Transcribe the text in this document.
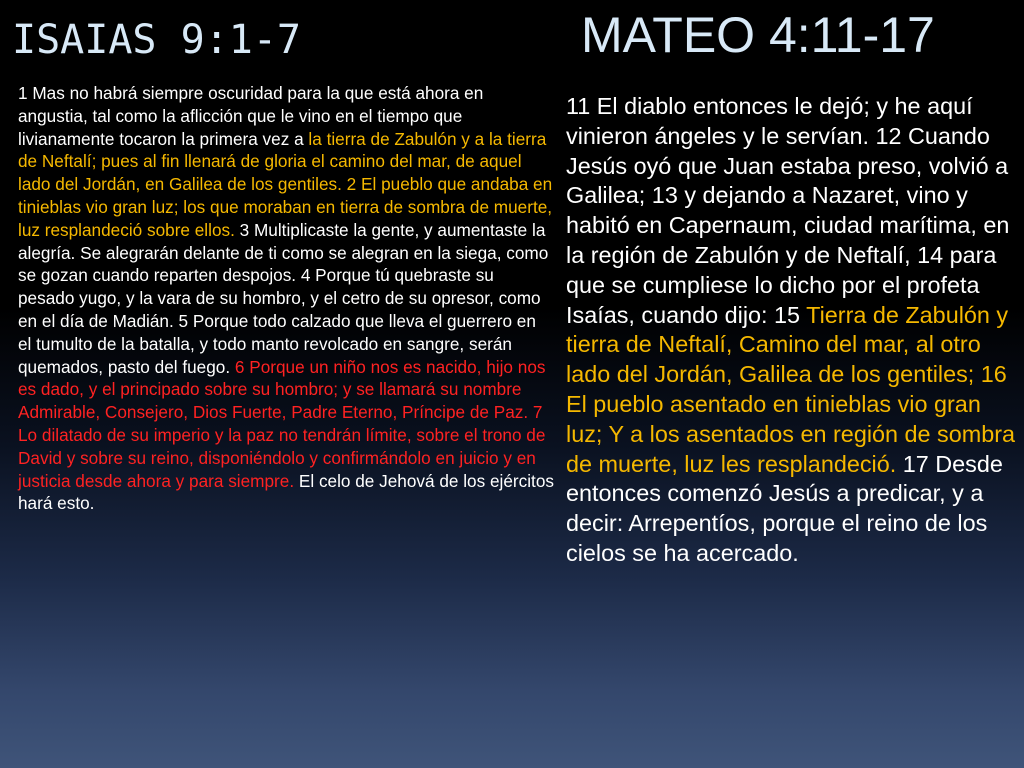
ISAIAS 9:1-7	MATEO 4:11-17

1 Mas no habrá siempre oscuridad para la que está ahora en angustia, tal como la aflicción que le vino en el tiempo que livianamente tocaron la primera vez a la tierra de Zabulón y a la tierra de Neftalí; pues al fin llenará de gloria el camino del mar, de aquel lado del Jordán, en Galilea de los gentiles. 2 El pueblo que andaba en tinieblas vio gran luz; los que moraban en tierra de sombra de muerte, luz resplandeció sobre ellos. 3 Multiplicaste la gente, y aumentaste la alegría. Se alegrarán delante de ti como se alegran en la siega, como se gozan cuando reparten despojos. 4 Porque tú quebraste su pesado yugo, y la vara de su hombro, y el cetro de su opresor, como en el día de Madián. 5 Porque todo calzado que lleva el guerrero en el tumulto de la batalla, y todo manto revolcado en sangre, serán quemados, pasto del fuego. 6 Porque un niño nos es nacido, hijo nos es dado, y el principado sobre su hombro; y se llamará su nombre Admirable, Consejero, Dios Fuerte, Padre Eterno, Príncipe de Paz. 7 Lo dilatado de su imperio y la paz no tendrán límite, sobre el trono de David y sobre su reino, disponiéndolo y confirmándolo en juicio y en justicia desde ahora y para siempre. El celo de Jehová de los ejércitos hará esto.

11 El diablo entonces le dejó; y he aquí vinieron ángeles y le servían. 12 Cuando Jesús oyó que Juan estaba preso, volvió a Galilea; 13 y dejando a Nazaret, vino y habitó en Capernaum, ciudad marítima, en la región de Zabulón y de Neftalí, 14 para que se cumpliese lo dicho por el profeta Isaías, cuando dijo: 15 Tierra de Zabulón y tierra de Neftalí, Camino del mar, al otro lado del Jordán, Galilea de los gentiles; 16 El pueblo asentado en tinieblas vio gran luz; Y a los asentados en región de sombra de muerte, luz les resplandeció. 17 Desde entonces comenzó Jesús a predicar, y a decir: Arrepentíos, porque el reino de los cielos se ha acercado.
